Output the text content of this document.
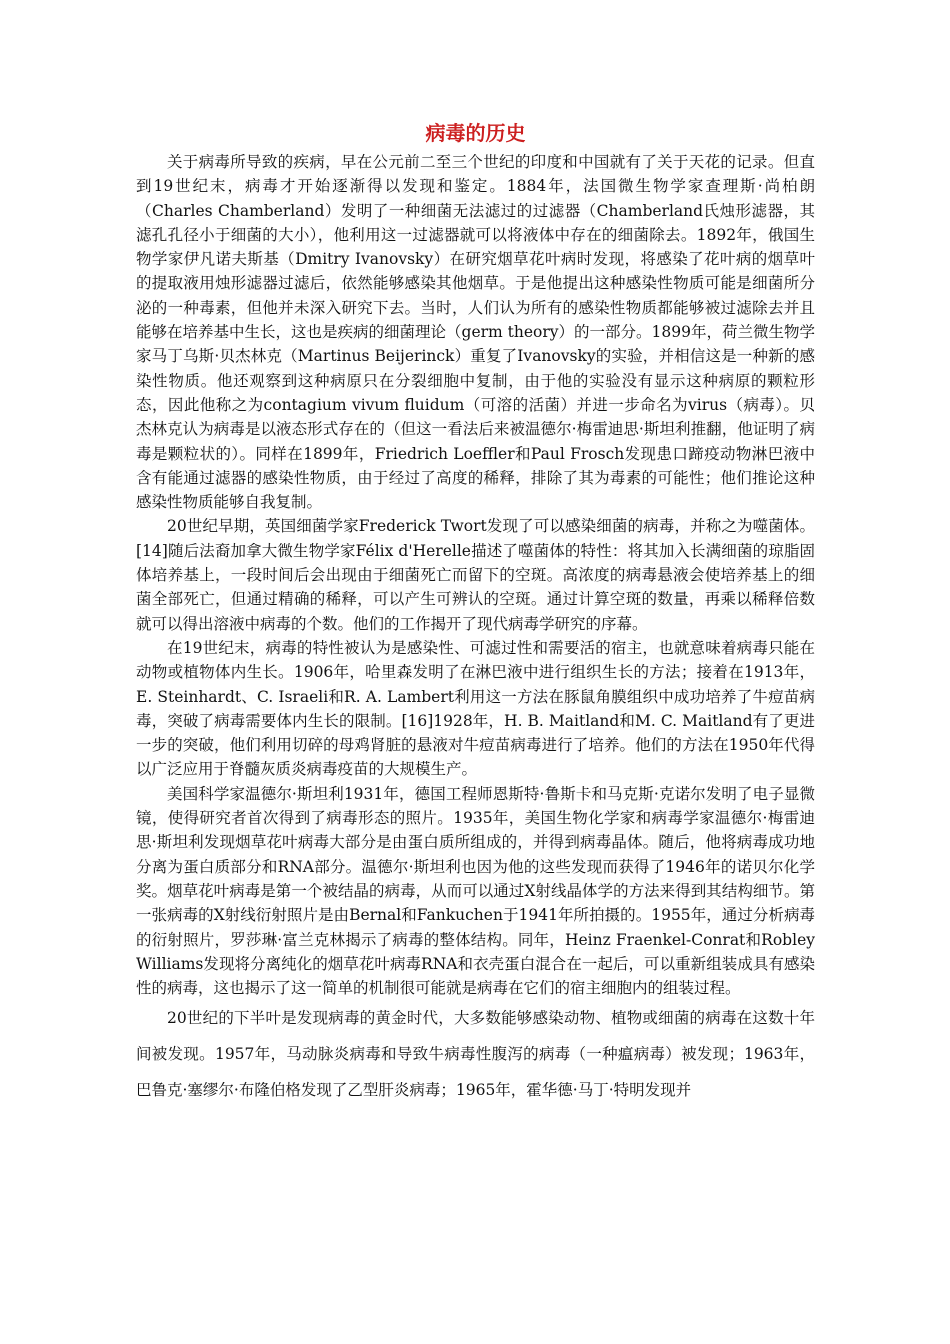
病毒的历史

关于病毒所导致的疾病，早在公元前二至三个世纪的印度和中国就有了关于天花的记录。但直到19世纪末，病毒才开始逐渐得以发现和鉴定。1884年，法国微生物学家查理斯·尚柏朗（Charles Chamberland）发明了一种细菌无法滤过的过滤器（Chamberland氏烛形滤器，其滤孔孔径小于细菌的大小），他利用这一过滤器就可以将液体中存在的细菌除去。1892年，俄国生物学家伊凡诺夫斯基（Dmitry Ivanovsky）在研究烟草花叶病时发现，将感染了花叶病的烟草叶的提取液用烛形滤器过滤后，依然能够感染其他烟草。于是他提出这种感染性物质可能是细菌所分泌的一种毒素，但他并未深入研究下去。当时，人们认为所有的感染性物质都能够被过滤除去并且能够在培养基中生长，这也是疾病的细菌理论（germ theory）的一部分。1899年，荷兰微生物学家马丁乌斯·贝杰林克（Martinus Beijerinck）重复了Ivanovsky的实验，并相信这是一种新的感染性物质。他还观察到这种病原只在分裂细胞中复制，由于他的实验没有显示这种病原的颗粒形态，因此他称之为contagium vivum fluidum（可溶的活菌）并进一步命名为virus（病毒）。贝杰林克认为病毒是以液态形式存在的（但这一看法后来被温德尔·梅雷迪思·斯坦利推翻，他证明了病毒是颗粒状的）。同样在1899年，Friedrich Loeffler和Paul Frosch发现患口蹄疫动物淋巴液中含有能通过滤器的感染性物质，由于经过了高度的稀释，排除了其为毒素的可能性；他们推论这种感染性物质能够自我复制。

20世纪早期，英国细菌学家Frederick Twort发现了可以感染细菌的病毒，并称之为噬菌体。[14]随后法裔加拿大微生物学家Félix d'Herelle描述了噬菌体的特性：将其加入长满细菌的琼脂固体培养基上，一段时间后会出现由于细菌死亡而留下的空斑。高浓度的病毒悬液会使培养基上的细菌全部死亡，但通过精确的稀释，可以产生可辨认的空斑。通过计算空斑的数量，再乘以稀释倍数就可以得出溶液中病毒的个数。他们的工作揭开了现代病毒学研究的序幕。

在19世纪末，病毒的特性被认为是感染性、可滤过性和需要活的宿主，也就意味着病毒只能在动物或植物体内生长。1906年，哈里森发明了在淋巴液中进行组织生长的方法；接着在1913年，E. Steinhardt、C. Israeli和R. A. Lambert利用这一方法在豚鼠角膜组织中成功培养了牛痘苗病毒，突破了病毒需要体内生长的限制。[16]1928年，H. B. Maitland和M. C. Maitland有了更进一步的突破，他们利用切碎的母鸡肾脏的悬液对牛痘苗病毒进行了培养。他们的方法在1950年代得以广泛应用于脊髓灰质炎病毒疫苗的大规模生产。

美国科学家温德尔·斯坦利1931年，德国工程师恩斯特·鲁斯卡和马克斯·克诺尔发明了电子显微镜，使得研究者首次得到了病毒形态的照片。1935年，美国生物化学家和病毒学家温德尔·梅雷迪思·斯坦利发现烟草花叶病毒大部分是由蛋白质所组成的，并得到病毒晶体。随后，他将病毒成功地分离为蛋白质部分和RNA部分。温德尔·斯坦利也因为他的这些发现而获得了1946年的诺贝尔化学奖。烟草花叶病毒是第一个被结晶的病毒，从而可以通过X射线晶体学的方法来得到其结构细节。第一张病毒的X射线衍射照片是由Bernal和Fankuchen于1941年所拍摄的。1955年，通过分析病毒的衍射照片，罗莎琳·富兰克林揭示了病毒的整体结构。同年，Heinz Fraenkel-Conrat和Robley Williams发现将分离纯化的烟草花叶病毒RNA和衣壳蛋白混合在一起后，可以重新组装成具有感染性的病毒，这也揭示了这一简单的机制很可能就是病毒在它们的宿主细胞内的组装过程。

20世纪的下半叶是发现病毒的黄金时代，大多数能够感染动物、植物或细菌的病毒在这数十年间被发现。1957年，马动脉炎病毒和导致牛病毒性腹泻的病毒（一种瘟病毒）被发现；1963年，巴鲁克·塞缪尔·布隆伯格发现了乙型肝炎病毒；1965年，霍华德·马丁·特明发现并
